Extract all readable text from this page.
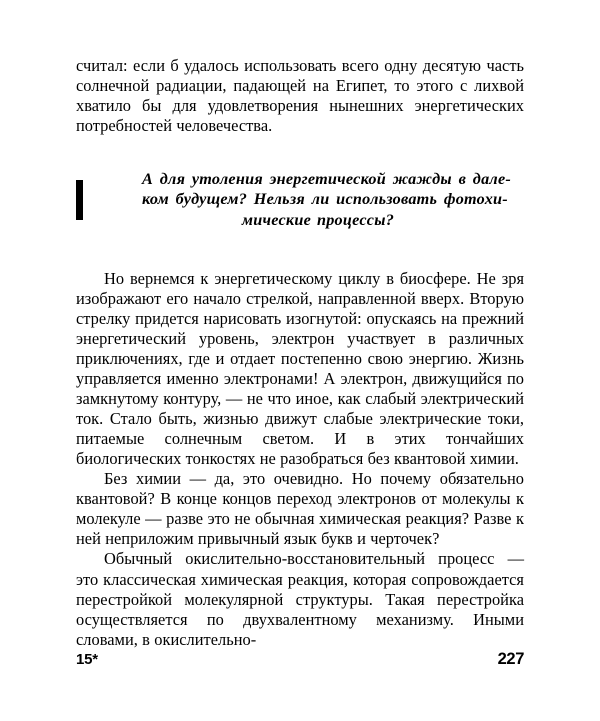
считал: если б удалось использовать всего одну десятую часть солнечной радиации, падающей на Египет, то этого с лихвой хватило бы для удовлетворения нынешних энергетических потребностей человечества.

А для утоления энергетической жажды в дале-

ком будущем? Нельзя ли использовать фотохи-

мические процессы?

Но вернемся к энергетическому циклу в биосфере. Не зря изображают его начало стрелкой, направленной вверх. Вторую стрелку придется нарисовать изогнутой: опускаясь на прежний энергетический уровень, электрон участвует в различных приключениях, где и отдает постепенно свою энергию. Жизнь управляется именно электронами! А электрон, движущийся по замкнутому контуру, — не что иное, как слабый электрический ток. Стало быть, жизнью движут слабые электрические токи, питаемые солнечным светом. И в этих тончайших биологических тонкостях не разобраться без квантовой химии.

Без химии — да, это очевидно. Но почему обязательно квантовой? В конце концов переход электронов от молекулы к молекуле — разве это не обычная химическая реакция? Разве к ней неприложим привычный язык букв и черточек?

Обычный окислительно-восстановительный процесс — это классическая химическая реакция, которая сопровождается перестройкой молекулярной структуры. Такая перестройка осуществляется по двухвалентному механизму. Иными словами, в окислительно-

15*	227
